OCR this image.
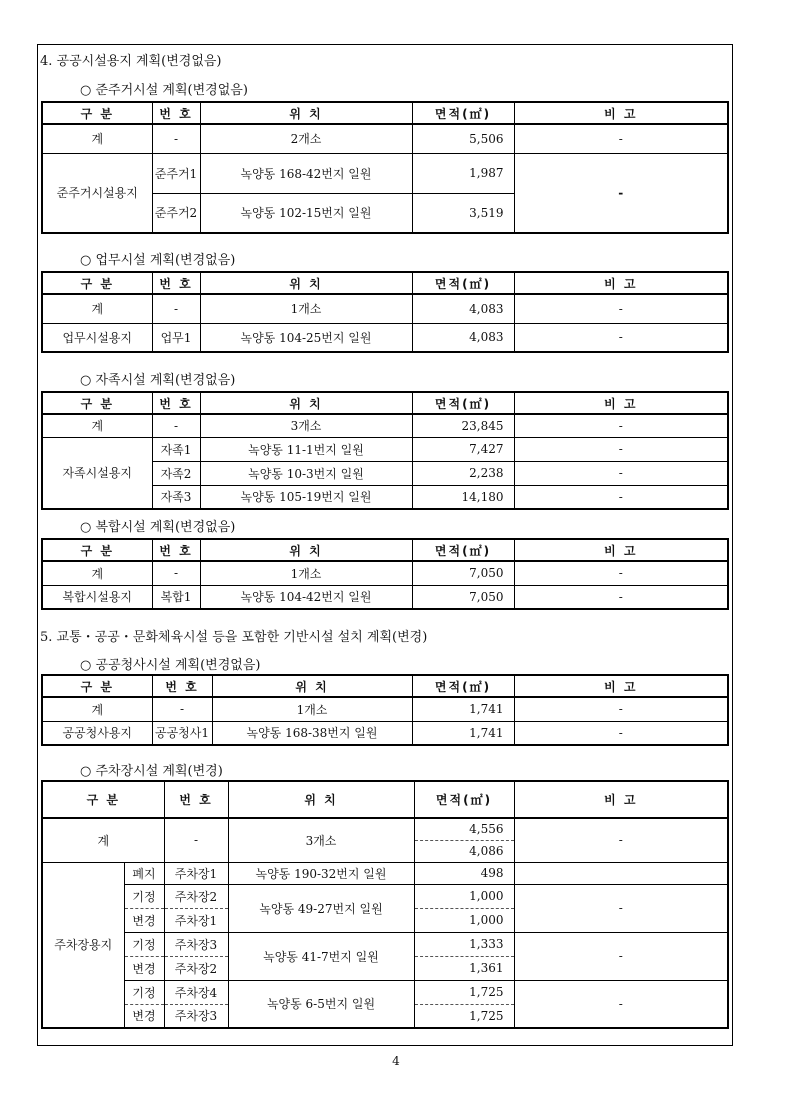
4. 공공시설용지 계획(변경없음)
○ 준주거시설 계획(변경없음)
구 분	번 호	위 치	면적(㎡)	비 고
계	-	2개소	5,506	-
준주거시설용지	준주거1	녹양동 168-42번지 일원	1,987	-
	준주거2	녹양동 102-15번지 일원	3,519	
○ 업무시설 계획(변경없음)
구 분	번 호	위 치	면적(㎡)	비 고
계	-	1개소	4,083	-
업무시설용지	업무1	녹양동 104-25번지 일원	4,083	-
○ 자족시설 계획(변경없음)
구 분	번 호	위 치	면적(㎡)	비 고
계	-	3개소	23,845	-
자족시설용지	자족1	녹양동 11-1번지 일원	7,427	-
	자족2	녹양동 10-3번지 일원	2,238	-
	자족3	녹양동 105-19번지 일원	14,180	-
○ 복합시설 계획(변경없음)
구 분	번 호	위 치	면적(㎡)	비 고
계	-	1개소	7,050	-
복합시설용지	복합1	녹양동 104-42번지 일원	7,050	-
5. 교통・공공・문화체육시설 등을 포함한 기반시설 설치 계획(변경)
○ 공공청사시설 계획(변경없음)
구 분	번 호	위 치	면적(㎡)	비 고
계	-	1개소	1,741	-
공공청사용지	공공청사1	녹양동 168-38번지 일원	1,741	-
○ 주차장시설 계획(변경)
구 분		번 호	위 치	면적(㎡)	비 고
계		-	3개소	4,556	-
				4,086	
주차장용지	폐지	주차장1	녹양동 190-32번지 일원	498	
	기정	주차장2	녹양동 49-27번지 일원	1,000	-
	변경	주차장1		1,000	
	기정	주차장3	녹양동 41-7번지 일원	1,333	-
	변경	주차장2		1,361	
	기정	주차장4	녹양동 6-5번지 일원	1,725	-
	변경	주차장3		1,725	
4
